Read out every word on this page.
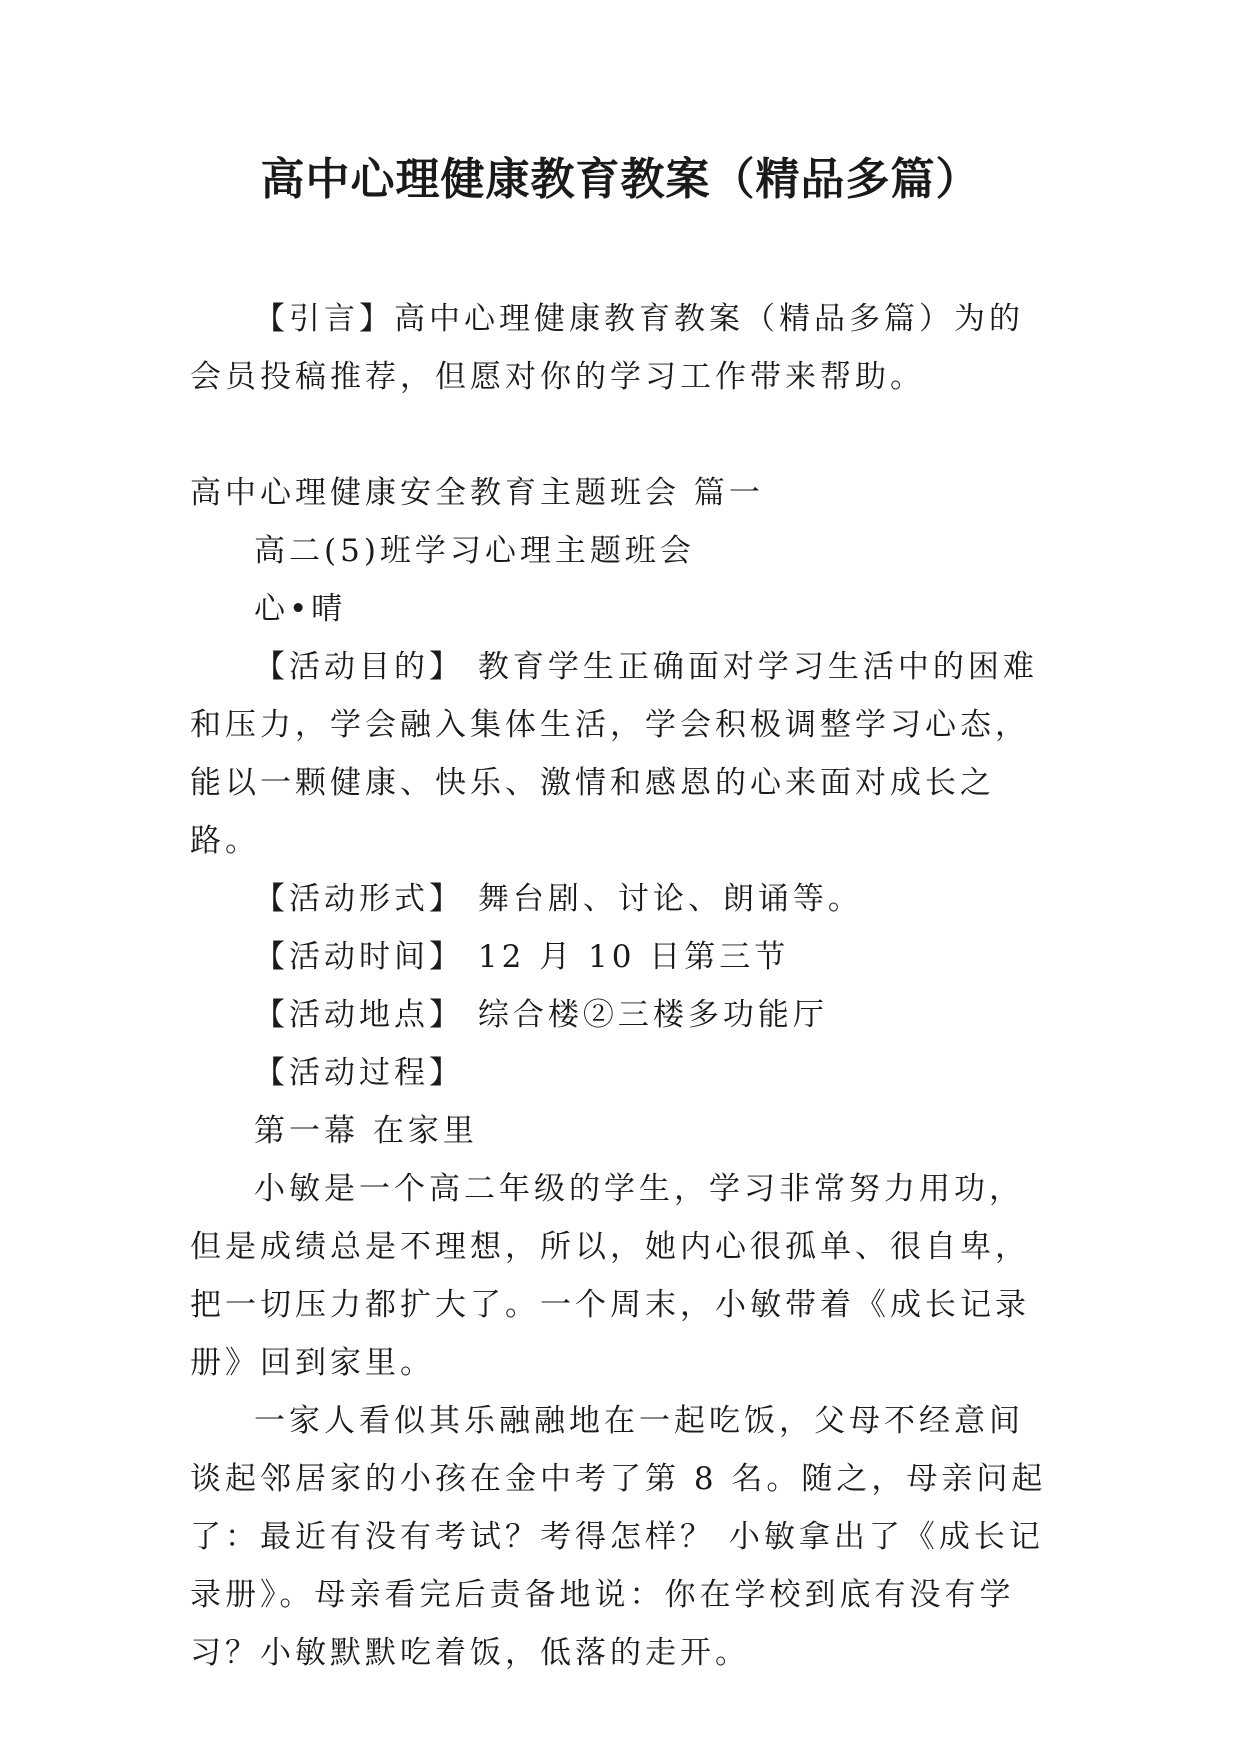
高中心理健康教育教案（精品多篇）

【引言】高中心理健康教育教案（精品多篇）为的会员投稿推荐，但愿对你的学习工作带来帮助。

高中心理健康安全教育主题班会 篇一

高二(5)班学习心理主题班会

心•晴

【活动目的】 教育学生正确面对学习生活中的困难和压力，学会融入集体生活，学会积极调整学习心态，能以一颗健康、快乐、激情和感恩的心来面对成长之路。

【活动形式】 舞台剧、讨论、朗诵等。

【活动时间】 12 月 10 日第三节

【活动地点】 综合楼②三楼多功能厅

【活动过程】

第一幕 在家里

小敏是一个高二年级的学生，学习非常努力用功，但是成绩总是不理想，所以，她内心很孤单、很自卑，把一切压力都扩大了。一个周末，小敏带着《成长记录册》回到家里。

一家人看似其乐融融地在一起吃饭，父母不经意间谈起邻居家的小孩在金中考了第 8 名。随之，母亲问起了：最近有没有考试？考得怎样？ 小敏拿出了《成长记录册》。母亲看完后责备地说：你在学校到底有没有学习？小敏默默吃着饭，低落的走开。
